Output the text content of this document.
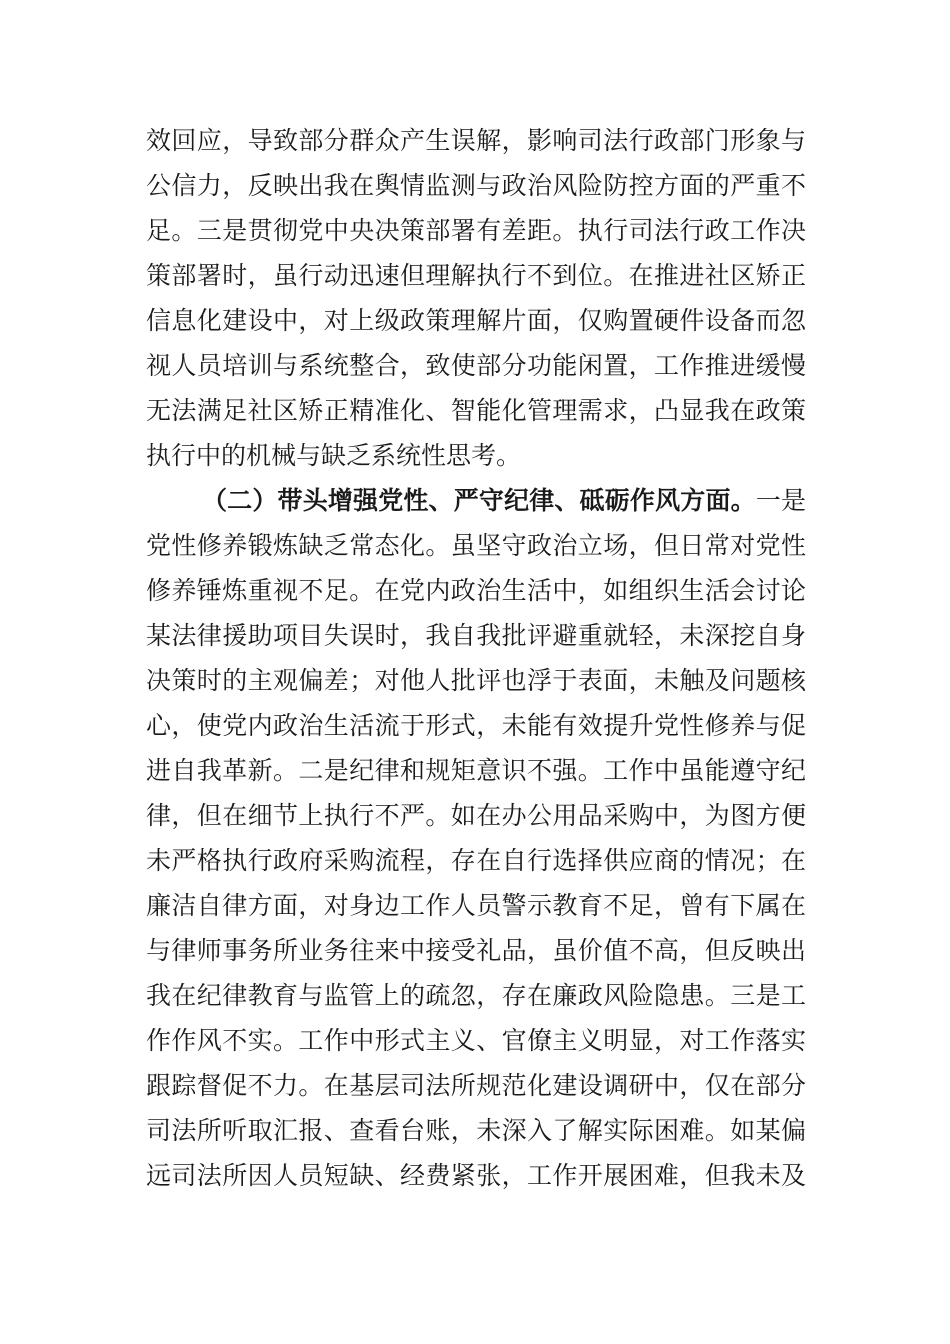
效回应，导致部分群众产生误解，影响司法行政部门形象与
公信力，反映出我在舆情监测与政治风险防控方面的严重不
足。三是贯彻党中央决策部署有差距。执行司法行政工作决
策部署时，虽行动迅速但理解执行不到位。在推进社区矫正
信息化建设中，对上级政策理解片面，仅购置硬件设备而忽
视人员培训与系统整合，致使部分功能闲置，工作推进缓慢
无法满足社区矫正精准化、智能化管理需求，凸显我在政策
执行中的机械与缺乏系统性思考。
（二）带头增强党性、严守纪律、砥砺作风方面。一是
党性修养锻炼缺乏常态化。虽坚守政治立场，但日常对党性
修养锤炼重视不足。在党内政治生活中，如组织生活会讨论
某法律援助项目失误时，我自我批评避重就轻，未深挖自身
决策时的主观偏差；对他人批评也浮于表面，未触及问题核
心，使党内政治生活流于形式，未能有效提升党性修养与促
进自我革新。二是纪律和规矩意识不强。工作中虽能遵守纪
律，但在细节上执行不严。如在办公用品采购中，为图方便
未严格执行政府采购流程，存在自行选择供应商的情况；在
廉洁自律方面，对身边工作人员警示教育不足，曾有下属在
与律师事务所业务往来中接受礼品，虽价值不高，但反映出
我在纪律教育与监管上的疏忽，存在廉政风险隐患。三是工
作作风不实。工作中形式主义、官僚主义明显，对工作落实
跟踪督促不力。在基层司法所规范化建设调研中，仅在部分
司法所听取汇报、查看台账，未深入了解实际困难。如某偏
远司法所因人员短缺、经费紧张，工作开展困难，但我未及
